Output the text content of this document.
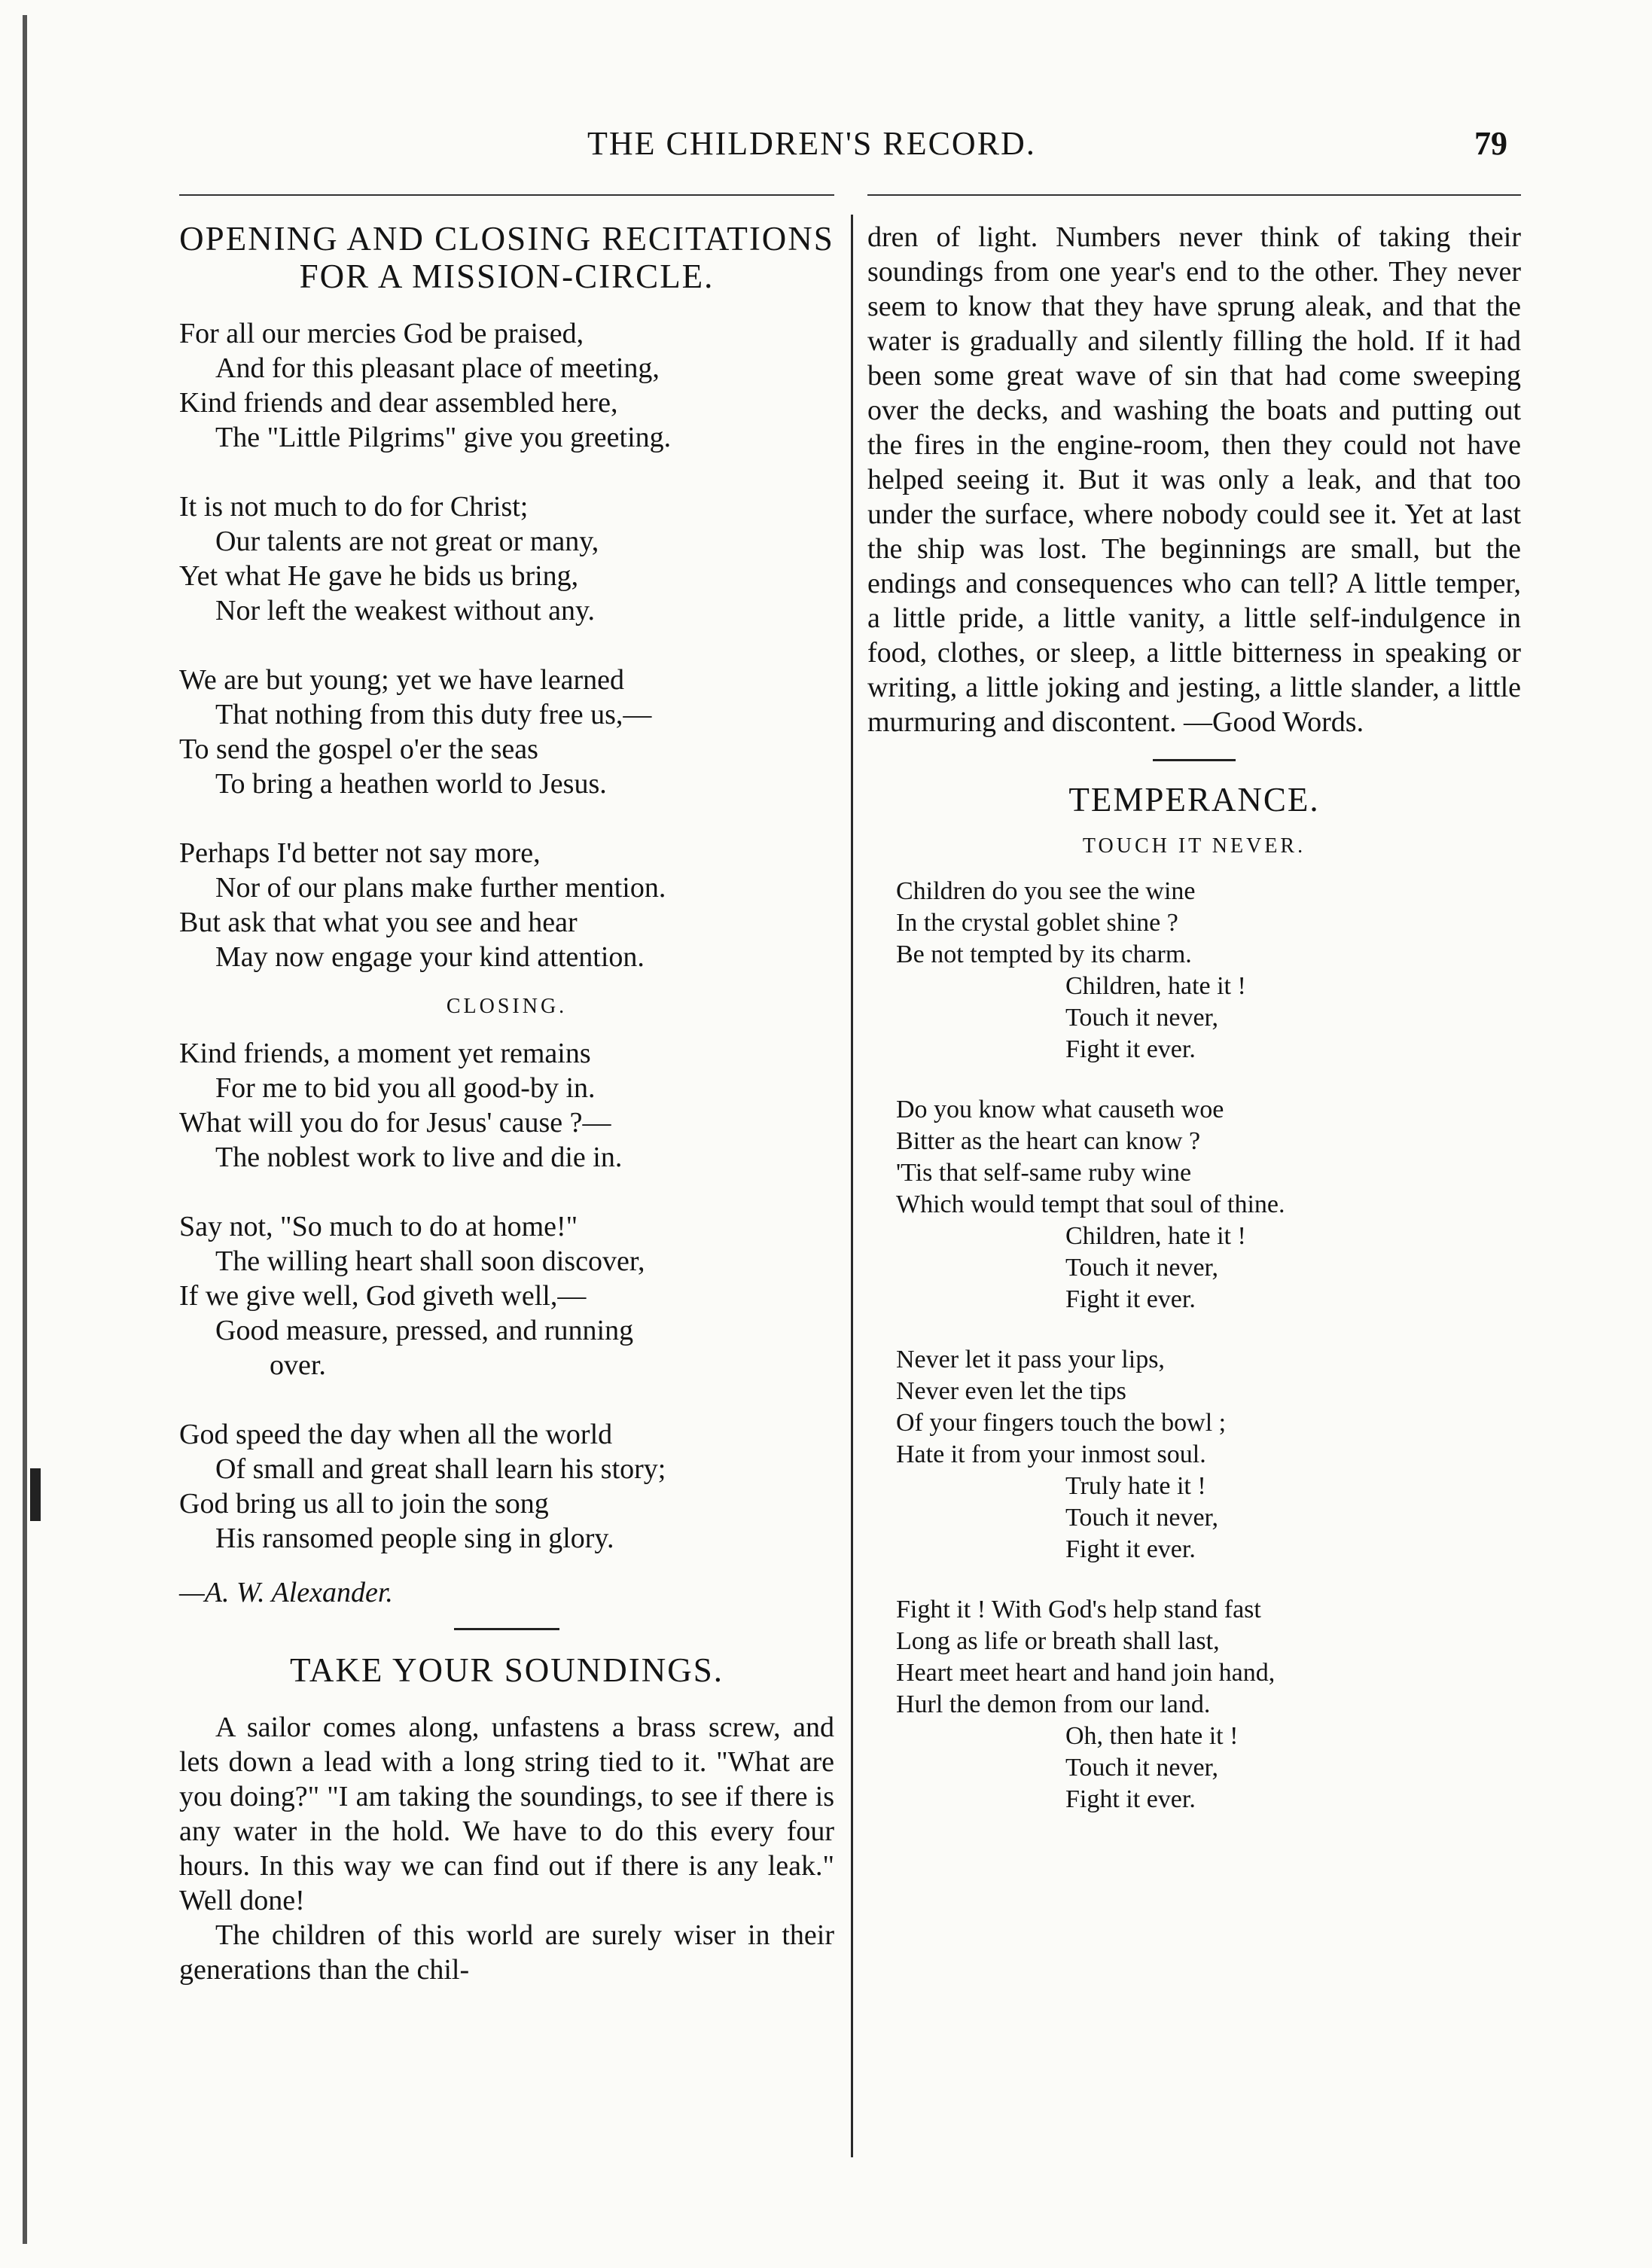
THE CHILDREN'S RECORD.	79
OPENING AND CLOSING RECITATIONS FOR A MISSION-CIRCLE.
For all our mercies God be praised,
And for this pleasant place of meeting,
Kind friends and dear assembled here,
The "Little Pilgrims" give you greeting.
It is not much to do for Christ;
Our talents are not great or many,
Yet what He gave he bids us bring,
Nor left the weakest without any.
We are but young; yet we have learned
That nothing from this duty free us,—
To send the gospel o'er the seas
To bring a heathen world to Jesus.
Perhaps I'd better not say more,
Nor of our plans make further mention.
But ask that what you see and hear
May now engage your kind attention.
CLOSING.
Kind friends, a moment yet remains
For me to bid you all good-by in.
What will you do for Jesus' cause ?—
The noblest work to live and die in.
Say not, "So much to do at home!"
The willing heart shall soon discover,
If we give well, God giveth well,—
Good measure, pressed, and running
over.
God speed the day when all the world
Of small and great shall learn his story;
God bring us all to join the song
His ransomed people sing in glory.
—A. W. Alexander.
TAKE YOUR SOUNDINGS.

A sailor comes along, unfastens a brass screw, and lets down a lead with a long string tied to it. "What are you doing?" "I am taking the soundings, to see if there is any water in the hold. We have to do this every four hours. In this way we can find out if there is any leak." Well done!

The children of this world are surely wiser in their generations than the chil-

dren of light. Numbers never think of taking their soundings from one year's end to the other. They never seem to know that they have sprung aleak, and that the water is gradually and silently filling the hold. If it had been some great wave of sin that had come sweeping over the decks, and washing the boats and putting out the fires in the engine-room, then they could not have helped seeing it. But it was only a leak, and that too under the surface, where nobody could see it. Yet at last the ship was lost. The beginnings are small, but the endings and consequences who can tell? A little temper, a little pride, a little vanity, a little self-indulgence in food, clothes, or sleep, a little bitterness in speaking or writing, a little joking and jesting, a little slander, a little murmuring and discontent. —Good Words.

TEMPERANCE.
TOUCH IT NEVER.
Children do you see the wine
In the crystal goblet shine ?
Be not tempted by its charm.
Children, hate it !
Touch it never,
Fight it ever.
Do you know what causeth woe
Bitter as the heart can know ?
'Tis that self-same ruby wine
Which would tempt that soul of thine.
Children, hate it !
Touch it never,
Fight it ever.
Never let it pass your lips,
Never even let the tips
Of your fingers touch the bowl ;
Hate it from your inmost soul.
Truly hate it !
Touch it never,
Fight it ever.
Fight it ! With God's help stand fast
Long as life or breath shall last,
Heart meet heart and hand join hand,
Hurl the demon from our land.
Oh, then hate it !
Touch it never,
Fight it ever.
